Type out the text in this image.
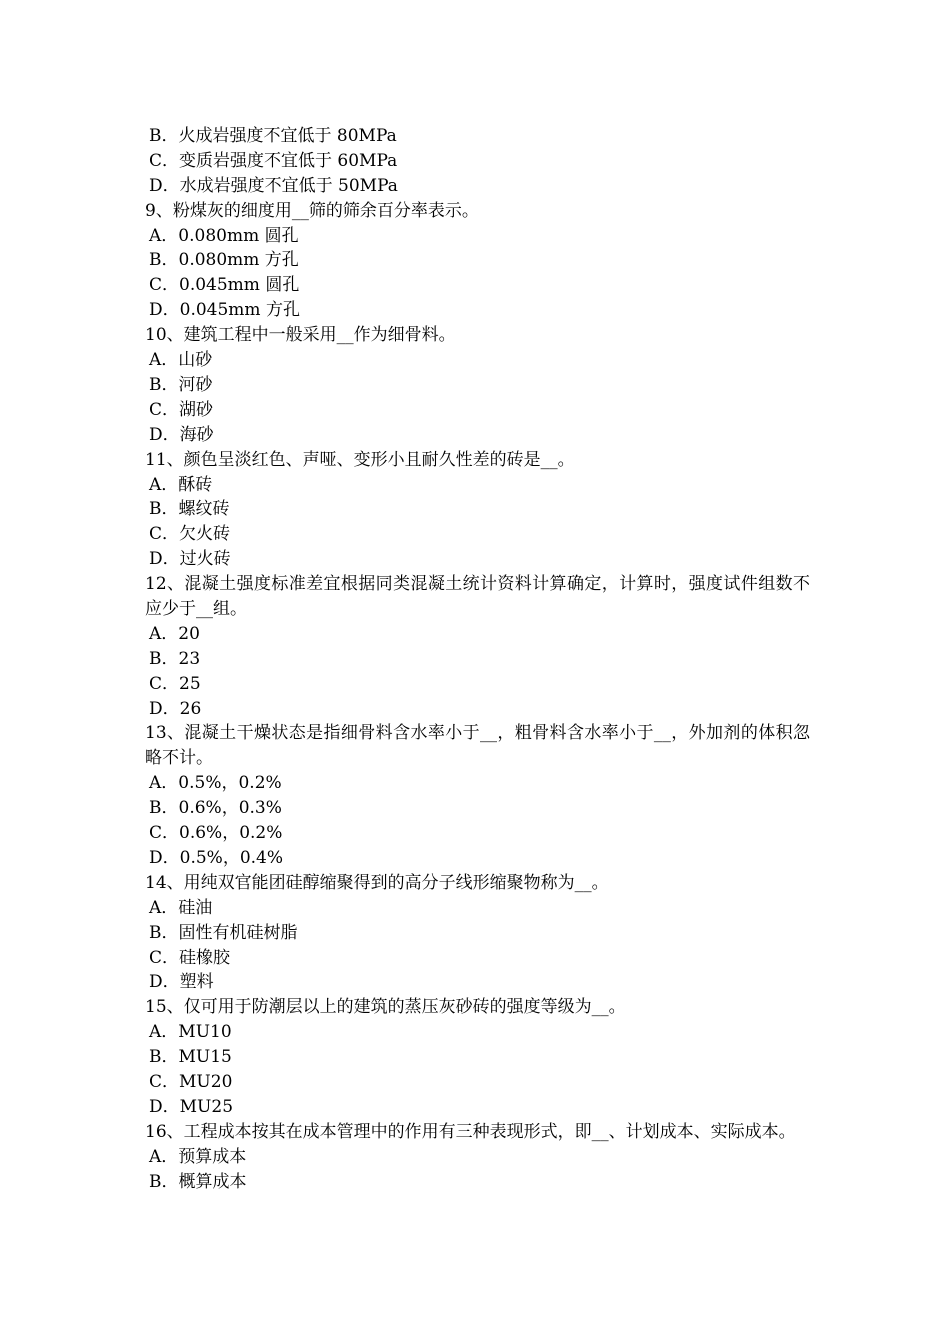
B．火成岩强度不宜低于 80MPa
C．变质岩强度不宜低于 60MPa
D．水成岩强度不宜低于 50MPa
9、粉煤灰的细度用__筛的筛余百分率表示。
A．0.080mm 圆孔
B．0.080mm 方孔
C．0.045mm 圆孔
D．0.045mm 方孔
10、建筑工程中一般采用__作为细骨料。
A．山砂
B．河砂
C．湖砂
D．海砂
11、颜色呈淡红色、声哑、变形小且耐久性差的砖是__。
A．酥砖
B．螺纹砖
C．欠火砖
D．过火砖
12、混凝土强度标准差宜根据同类混凝土统计资料计算确定，计算时，强度试件组数不应少于__组。
A．20
B．23
C．25
D．26
13、混凝土干燥状态是指细骨料含水率小于__，粗骨料含水率小于__，外加剂的体积忽略不计。
A．0.5%，0.2%
B．0.6%，0.3%
C．0.6%，0.2%
D．0.5%，0.4%
14、用纯双官能团硅醇缩聚得到的高分子线形缩聚物称为__。
A．硅油
B．固性有机硅树脂
C．硅橡胶
D．塑料
15、仅可用于防潮层以上的建筑的蒸压灰砂砖的强度等级为__。
A．MU10
B．MU15
C．MU20
D．MU25
16、工程成本按其在成本管理中的作用有三种表现形式，即__、计划成本、实际成本。
A．预算成本
B．概算成本
